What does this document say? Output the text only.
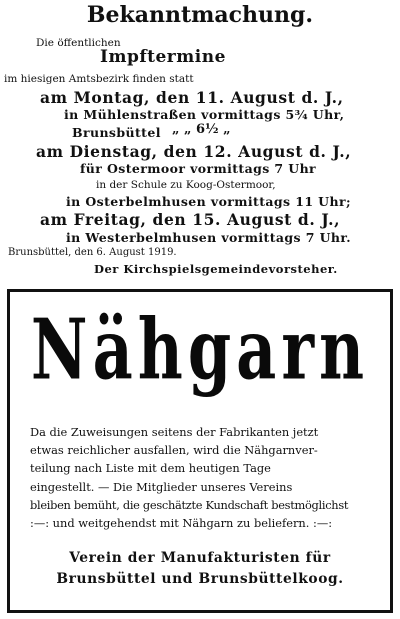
Bekanntmachung.
Die öffentlichen
Impftermine
im hiesigen Amtsbezirk finden statt
am Montag, den 11. August d. J.,
in Mühlenstraßen vormittags 5¾ Uhr,
Brunsbüttel „ „ 6½ „
am Dienstag, den 12. August d. J.,
für Ostermoor vormittags 7 Uhr
in der Schule zu Koog-Ostermoor,
in Osterbelmhusen vormittags 11 Uhr;
am Freitag, den 15. August d. J.,
in Westerbelmhusen vormittags 7 Uhr.
Brunsbüttel, den 6. August 1919.
Der Kirchspielsgemeindevorsteher.
Nähgarn
Da die Zuweisungen seitens der Fabrikanten jetzt
etwas reichlicher ausfallen, wird die Nähgarnver-
teilung nach Liste mit dem heutigen Tage
eingestellt. — Die Mitglieder unseres Vereins
bleiben bemüht, die geschätzte Kundschaft bestmöglichst
:—: und weitgehendst mit Nähgarn zu beliefern. :—:
Verein der Manufakturisten für
Brunsbüttel und Brunsbüttelkoog.
